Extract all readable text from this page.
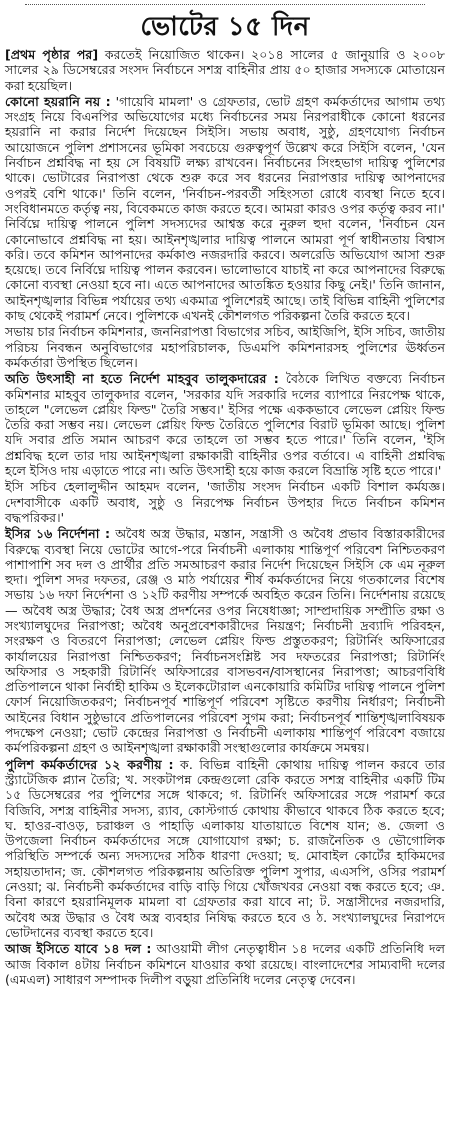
ভোটের ১৫ দিন

[প্রথম পৃষ্ঠার পর] করতেই নিয়োজিত থাকেন। ২০১৪ সালের ৫ জানুয়ারি ও ২০০৮ সালের ২৯ ডিসেম্বরের সংসদ নির্বাচনে সশস্ত্র বাহিনীর প্রায় ৫০ হাজার সদস্যকে মোতায়েন করা হয়েছিল।

কোনো হয়রানি নয় : 'গায়েবি মামলা' ও গ্রেফতার, ভোট গ্রহণ কর্মকর্তাদের আগাম তথ্য সংগ্রহ নিয়ে বিএনপির অভিযোগের মধ্যে নির্বাচনের সময় নিরপরাধীকে কোনো ধরনের হয়রানি না করার নির্দেশ দিয়েছেন সিইসি। সভায় অবাধ, সুষ্ঠু, গ্রহণযোগ্য নির্বাচন আয়োজনে পুলিশ প্রশাসনের ভূমিকা সবচেয়ে গুরুত্বপূর্ণ উল্লেখ করে সিইসি বলেন, 'যেন নির্বাচন প্রশ্নবিদ্ধ না হয় সে বিষয়টি লক্ষ্য রাখবেন। নির্বাচনের সিংহভাগ দায়িত্ব পুলিশের থাকে। ভোটারের নিরাপত্তা থেকে শুরু করে সব ধরনের নিরাপত্তার দায়িত্ব আপনাদের ওপরই বেশি থাকে।' তিনি বলেন, 'নির্বাচন-পরবর্তী সহিংসতা রোধে ব্যবস্থা নিতে হবে। সংবিধানমতে কর্তৃত্ব নয়, বিবেকমতে কাজ করতে হবে। আমরা কারও ওপর কর্তৃত্ব করব না।' নির্বিঘ্নে দায়িত্ব পালনে পুলিশ সদস্যদের আশ্বস্ত করে নুরুল হুদা বলেন, 'নির্বাচন যেন কোনোভাবে প্রশ্নবিদ্ধ না হয়। আইনশৃঙ্খলার দায়িত্ব পালনে আমরা পূর্ণ স্বাধীনতায় বিশ্বাস করি। তবে কমিশন আপনাদের কর্মকাণ্ড নজরদারি করবে। অলরেডি অভিযোগ আসা শুরু হয়েছে। তবে নির্বিঘ্নে দায়িত্ব পালন করবেন। ভালোভাবে যাচাই না করে আপনাদের বিরুদ্ধে কোনো ব্যবস্থা নেওয়া হবে না। এতে আপনাদের আতঙ্কিত হওয়ার কিছু নেই।' তিনি জানান, আইনশৃঙ্খলার বিভিন্ন পর্যায়ের তথ্য একমাত্র পুলিশেরই আছে। তাই বিভিন্ন বাহিনী পুলিশের কাছ থেকেই পরামর্শ নেবে। পুলিশকে এখনই কৌশলগত পরিকল্পনা তৈরি করতে হবে।

সভায় চার নির্বাচন কমিশনার, জননিরাপত্তা বিভাগের সচিব, আইজিপি, ইসি সচিব, জাতীয় পরিচয় নিবন্ধন অনুবিভাগের মহাপরিচালক, ডিএমপি কমিশনারসহ পুলিশের ঊর্ধ্বতন কর্মকর্তারা উপস্থিত ছিলেন।

অতি উৎসাহী না হতে নির্দেশ মাহবুব তালুকদারের : বৈঠকে লিখিত বক্তব্যে নির্বাচন কমিশনার মাহবুব তালুকদার বলেন, 'সরকার যদি সরকারি দলের ব্যাপারে নিরপেক্ষ থাকে, তাহলে "লেভেল প্লেয়িং ফিল্ড" তৈরি সম্ভব।' ইসির পক্ষে এককভাবে লেভেল প্লেয়িং ফিল্ড তৈরি করা সম্ভব নয়। লেভেল প্লেয়িং ফিল্ড তৈরিতে পুলিশের বিরাট ভূমিকা আছে। পুলিশ যদি সবার প্রতি সমান আচরণ করে তাহলে তা সম্ভব হতে পারে।' তিনি বলেন, 'ইসি প্রশ্নবিদ্ধ হলে তার দায় আইনশৃঙ্খলা রক্ষাকারী বাহিনীর ওপর বর্তাবে। এ বাহিনী প্রশ্নবিদ্ধ হলে ইসিও দায় এড়াতে পারে না। অতি উৎসাহী হয়ে কাজ করলে বিভ্রান্তি সৃষ্টি হতে পারে।'

ইসি সচিব হেলালুদ্দীন আহমদ বলেন, 'জাতীয় সংসদ নির্বাচন একটি বিশাল কর্মযজ্ঞ। দেশবাসীকে একটি অবাধ, সুষ্ঠু ও নিরপেক্ষ নির্বাচন উপহার দিতে নির্বাচন কমিশন বদ্ধপরিকর।'

ইসির ১৬ নির্দেশনা : অবৈধ অস্ত্র উদ্ধার, মস্তান, সন্ত্রাসী ও অবৈধ প্রভাব বিস্তারকারীদের বিরুদ্ধে ব্যবস্থা নিয়ে ভোটের আগে-পরে নির্বাচনী এলাকায় শান্তিপূর্ণ পরিবেশ নিশ্চিতকরণ পাশাপাশি সব দল ও প্রার্থীর প্রতি সমআচরণ করার নির্দেশ দিয়েছেন সিইসি কে এম নূরুল হুদা। পুলিশ সদর দফতর, রেঞ্জ ও মাঠ পর্যায়ের শীর্ষ কর্মকর্তাদের নিয়ে গতকালের বিশেষ সভায় ১৬ দফা নির্দেশনা ও ১২টি করণীয় সম্পর্কে অবহিত করেন তিনি। নির্দেশনায় রয়েছে— অবৈধ অস্ত্র উদ্ধার; বৈধ অস্ত্র প্রদর্শনের ওপর নিষেধাজ্ঞা; সাম্প্রদায়িক সম্প্রীতি রক্ষা ও সংখ্যালঘুদের নিরাপত্তা; অবৈধ অনুপ্রবেশকারীদের নিয়ন্ত্রণ; নির্বাচনী দ্রব্যাদি পরিবহন, সংরক্ষণ ও বিতরণে নিরাপত্তা; লেভেল প্লেয়িং ফিল্ড প্রস্তুতকরণ; রিটার্নিং অফিসারের কার্যালয়ের নিরাপত্তা নিশ্চিতকরণ; নির্বাচনসংশ্লিষ্ট সব দফতরের নিরাপত্তা; রিটার্নিং অফিসার ও সহকারী রিটার্নিং অফিসারের বাসভবন/বাসস্থানের নিরাপত্তা; আচরণবিধি প্রতিপালনে থাকা নির্বাহী হাকিম ও ইলেকটোরাল এনকোয়ারি কমিটির দায়িত্ব পালনে পুলিশ ফোর্স নিয়োজিতকরণ; নির্বাচনপূর্ব শান্তিপূর্ণ পরিবেশ সৃষ্টিতে করণীয় নির্ধারণ; নির্বাচনী আইনের বিধান সুষ্ঠুভাবে প্রতিপালনের পরিবেশ সুগম করা; নির্বাচনপূর্ব শান্তিশৃঙ্খলাবিষয়ক পদক্ষেপ নেওয়া; ভোট কেন্দ্রের নিরাপত্তা ও নির্বাচনী এলাকায় শান্তিপূর্ণ পরিবেশ বজায়ে কর্মপরিকল্পনা গ্রহণ ও আইনশৃঙ্খলা রক্ষাকারী সংস্থাগুলোর কার্যক্রমে সমন্বয়।

পুলিশ কর্মকর্তাদের ১২ করণীয় : ক. বিভিন্ন বাহিনী কোথায় দায়িত্ব পালন করবে তার স্ট্র্যাটেজিক প্ল্যান তৈরি; খ. সংকটাপন্ন কেন্দ্রগুলো রেকি করতে সশস্ত্র বাহিনীর একটি টিম ১৫ ডিসেম্বরের পর পুলিশের সঙ্গে থাকবে; গ. রিটার্নিং অফিসারের সঙ্গে পরামর্শ করে বিজিবি, সশস্ত্র বাহিনীর সদস্য, র‌্যাব, কোস্টগার্ড কোথায় কীভাবে থাকবে ঠিক করতে হবে; ঘ. হাওর-বাওড়, চরাঞ্চল ও পাহাড়ি এলাকায় যাতায়াতে বিশেষ যান; ঙ. জেলা ও উপজেলা নির্বাচন কর্মকর্তাদের সঙ্গে যোগাযোগ রক্ষা; চ. রাজনৈতিক ও ভৌগোলিক পরিস্থিতি সম্পর্কে অন্য সদস্যদের সঠিক ধারণা দেওয়া; ছ. মোবাইল কোর্টের হাকিমদের সহায়তাদান; জ. কৌশলগত পরিকল্পনায় অতিরিক্ত পুলিশ সুপার, এএসপি, ওসির পরামর্শ নেওয়া; ঝ. নির্বাচনী কর্মকর্তাদের বাড়ি বাড়ি গিয়ে খোঁজখবর নেওয়া বন্ধ করতে হবে; ঞ. বিনা কারণে হয়রানিমূলক মামলা বা গ্রেফতার করা যাবে না; ট. সন্ত্রাসীদের নজরদারি, অবৈধ অস্ত্র উদ্ধার ও বৈধ অস্ত্র ব্যবহার নিষিদ্ধ করতে হবে ও ঠ. সংখ্যালঘুদের নিরাপদে ভোটদানের ব্যবস্থা করতে হবে।

আজ ইসিতে যাবে ১৪ দল : আওয়ামী লীগ নেতৃত্বাধীন ১৪ দলের একটি প্রতিনিধি দল আজ বিকাল ৪টায় নির্বাচন কমিশনে যাওয়ার কথা রয়েছে। বাংলাদেশের সাম্যবাদী দলের (এমএল) সাধারণ সম্পাদক দিলীপ বড়ুয়া প্রতিনিধি দলের নেতৃত্ব দেবেন।
